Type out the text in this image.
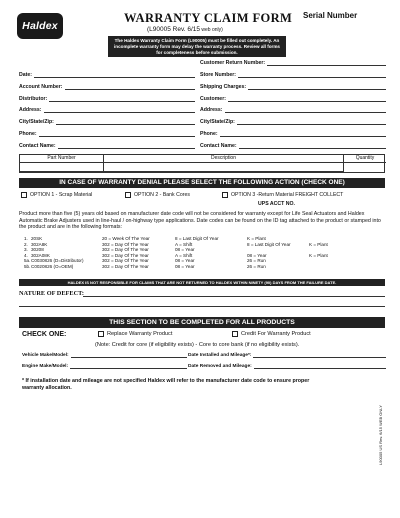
Haldex
WARRANTY CLAIM FORM Serial Number
(L90005 Rev. 6/15 web only)
The Haldex Warranty Claim Form (L90005) must be filled out completely. An incomplete warranty form may delay the warranty process. Review all forms for completeness before submission.
Customer Return Number:
Date:	Store Number:
Account Number:	Shipping Charges:
Distributor:	Customer:
Address:	Address:
City/State/Zip:	City/State/Zip:
Phone:	Phone:
Contact Name:	Contact Name:
Part Number	Description	Quantity
IN CASE OF WARRANTY DENIAL PLEASE SELECT THE FOLLOWING ACTION (CHECK ONE)
OPTION 1 - Scrap Material	OPTION 2 - Bank Cores	OPTION 3 -Return Material FREIGHT COLLECT
UPS ACCT NO.
Product more than five (5) years old based on manufacturer date code will not be considered for warranty except for Life Seal Actuators and Haldex Automatic Brake Adjusters used in line-haul / on-highway type applications. Date codes can be found on the ID tag attached to the product or stamped into the product and are in the following formats:
1. 20SK	20 = Week Of The Year	8 = Last Digit Of Year	K = Plant
2. 302A8K	302 = Day Of The Year	A = Shift	8 = Last Digit Of Year	K = Plant
3. 30208	302 = Day Of The Year	08 = Year
4. 302A08K	302 = Day Of The Year	A = Shift	08 = Year	K = Plant
5a. C0030826 (D=Distributor)	302 = Day Of The Year	08 = Year	26 = Run
5b. C0020826 (O=OEM)	302 = Day Of The Year	08 = Year	26 = Run
HALDEX IS NOT RESPONSIBLE FOR CLAIMS THAT ARE NOT RETURNED TO HALDEX WITHIN NINETY (90) DAYS FROM THE FAILURE DATE.
NATURE OF DEFECT:
THIS SECTION TO BE COMPLETED FOR ALL PRODUCTS
CHECK ONE:	Replace Warranty Product	Credit For Warranty Product
(Note: Credit for core (if eligibility exists) - Core to core bank (if no eligibility exists).
Vehicle Make/Model:	Date Installed and Mileage*:
Engine Make/Model:	Date Removed and Mileage:
* If installation date and mileage are not specified Haldex will refer to the manufacturer date code to ensure proper warranty allocation.
L90005 US Rev. 6/15 WEB ONLY
